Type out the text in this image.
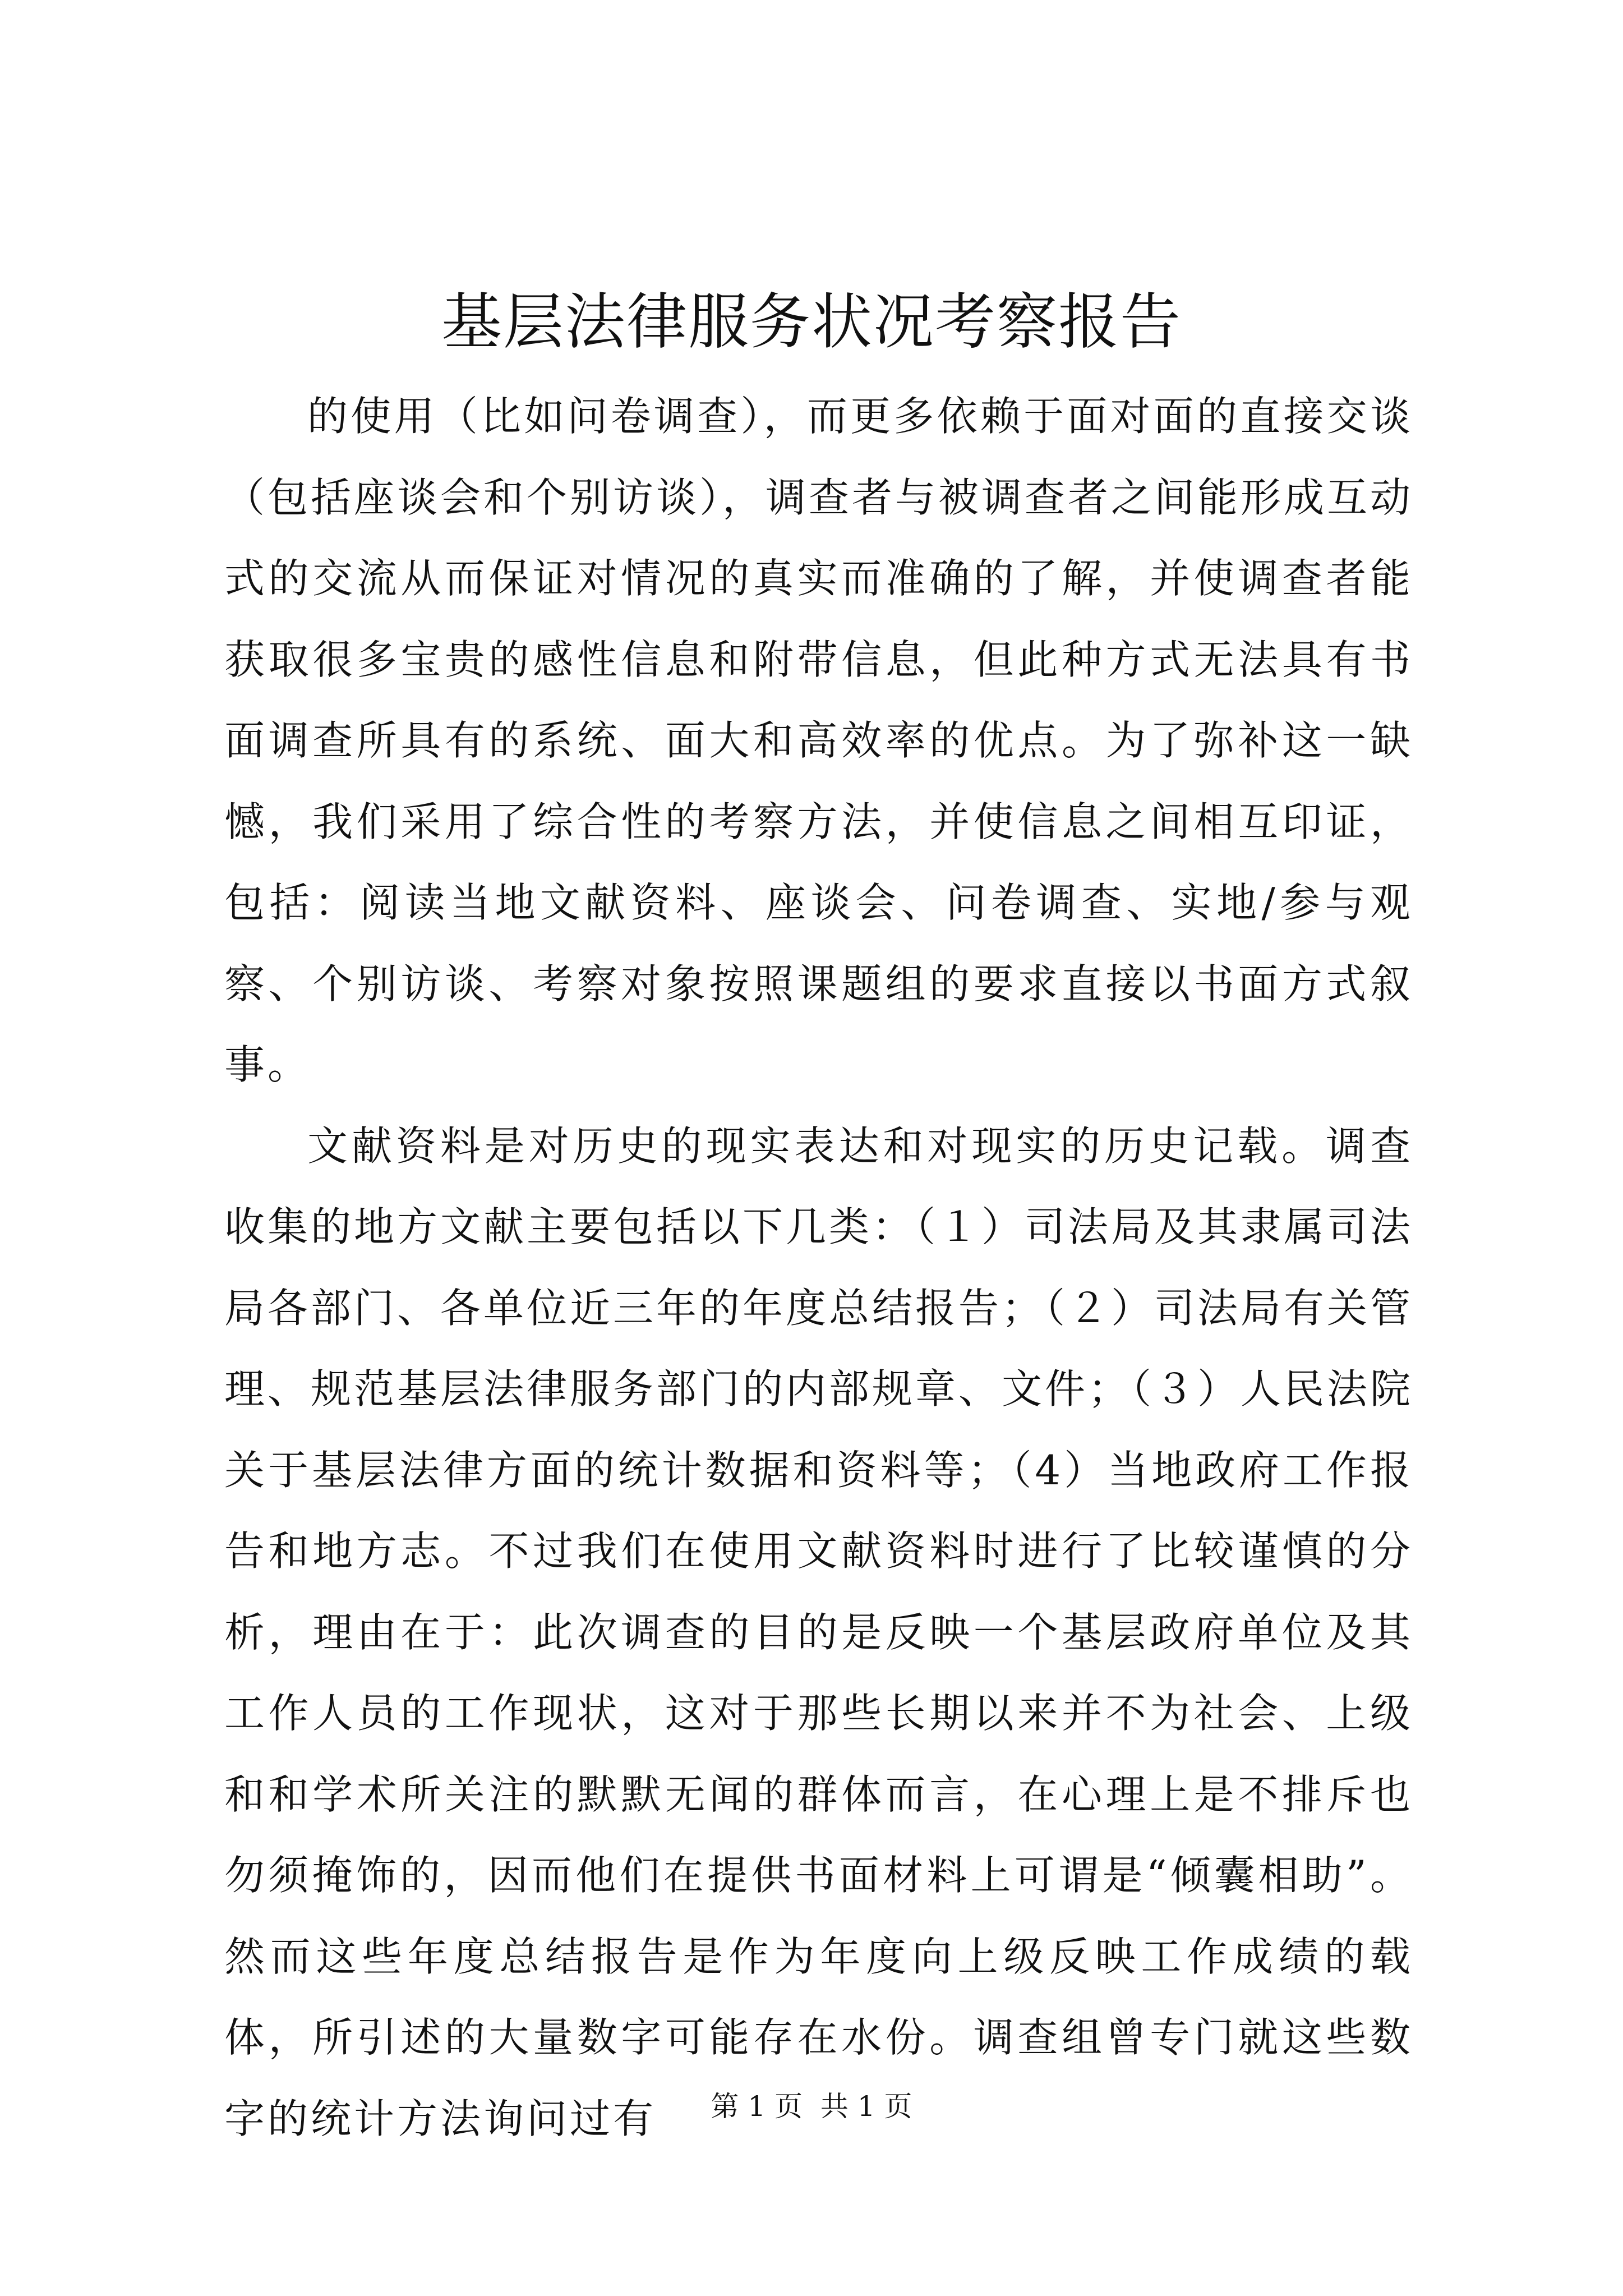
基层法律服务状况考察报告

的使用（比如问卷调查），而更多依赖于面对面的直接交谈（包括座谈会和个别访谈），调查者与被调查者之间能形成互动式的交流从而保证对情况的真实而准确的了解，并使调查者能获取很多宝贵的感性信息和附带信息，但此种方式无法具有书面调查所具有的系统、面大和高效率的优点。为了弥补这一缺憾，我们采用了综合性的考察方法，并使信息之间相互印证，包括：阅读当地文献资料、座谈会、问卷调查、实地/参与观察、个别访谈、考察对象按照课题组的要求直接以书面方式叙事。

文献资料是对历史的现实表达和对现实的历史记载。调查收集的地方文献主要包括以下几类：（１）司法局及其隶属司法局各部门、各单位近三年的年度总结报告；（２）司法局有关管理、规范基层法律服务部门的内部规章、文件；（３）人民法院关于基层法律方面的统计数据和资料等；（4）当地政府工作报告和地方志。不过我们在使用文献资料时进行了比较谨慎的分析，理由在于：此次调查的目的是反映一个基层政府单位及其工作人员的工作现状，这对于那些长期以来并不为社会、上级和和学术所关注的默默无闻的群体而言，在心理上是不排斥也勿须掩饰的，因而他们在提供书面材料上可谓是“倾囊相助”。然而这些年度总结报告是作为年度向上级反映工作成绩的载体，所引述的大量数字可能存在水份。调查组曾专门就这些数字的统计方法询问过有	第 1 页  共 1 页
